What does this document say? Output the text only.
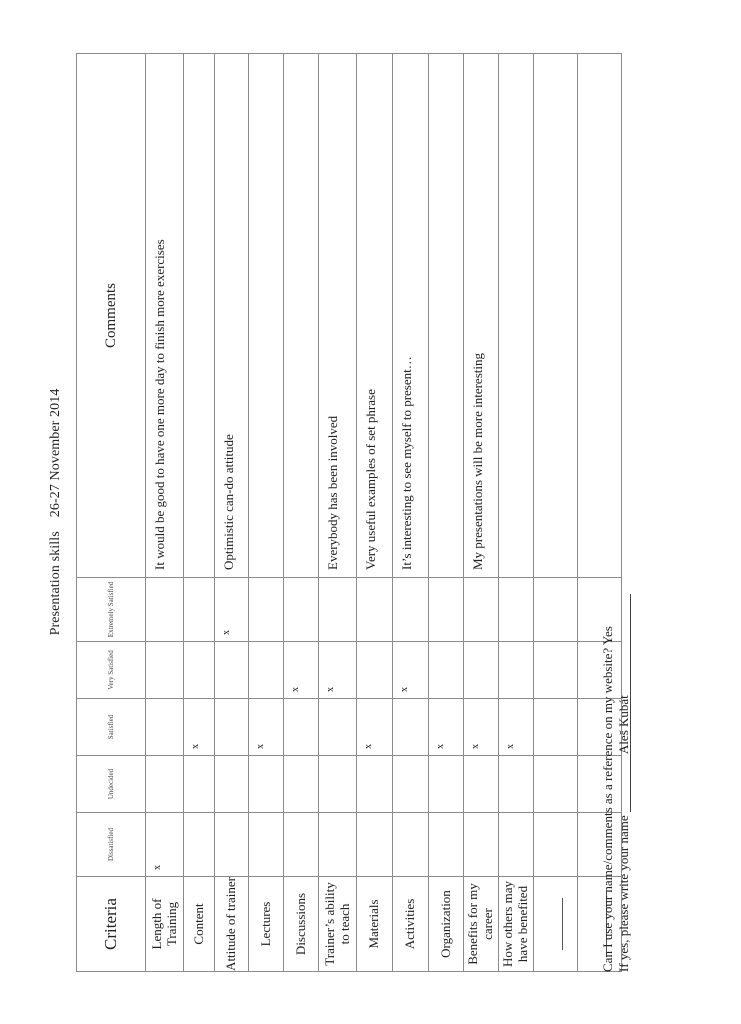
Presentation skills26-27 November 2014
Criteria	Dissatisfied	Undecided	Satisfied	Very Satisfied	Extremely Satisfied	Comments
Length of Training	x					It would be good to have one more day to finish more exercises
Content			x			
Attitude of trainer					x	Optimistic can-do attitude
Lectures			x			
Discussions				x		
Trainer’s ability to teach				x		Everybody has been involved
Materials			x			Very useful examples of set phrase
Activities				x		It’s interesting to see myself to present…
Organization			x			
Benefits for my career			x			My presentations will be more interesting
How others may have benefited			x			

							Can I use your name/comments as a reference on my website? Yes
If yes, please write your name Aleš Kubát
